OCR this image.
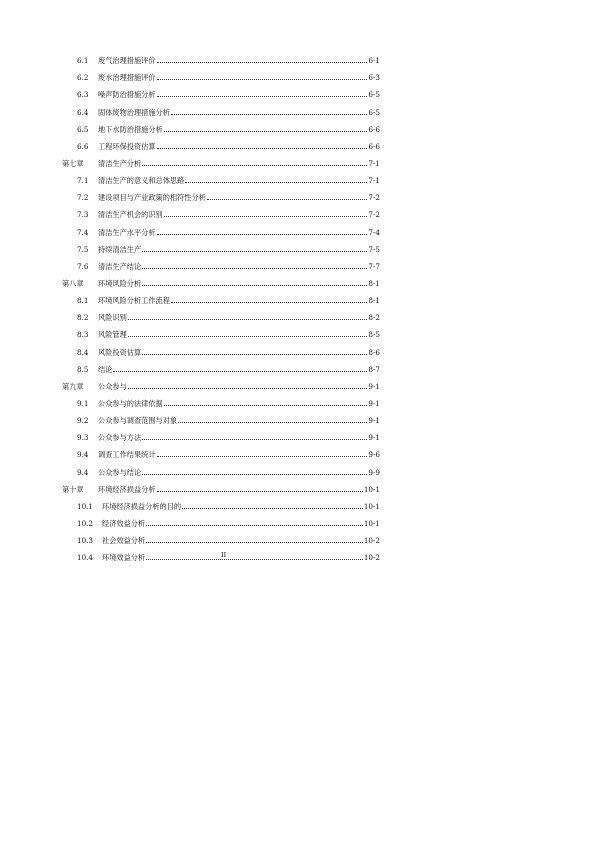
6.1	废气治理措施评价	6-1
6.2	废水治理措施评价	6-3
6.3	噪声防治措施分析	6-5
6.4	固体废物治理措施分析	6-5
6.5	地下水防治措施分析	6-6
6.6	工程环保投资估算	6-6
第七章	清洁生产分析	7-1
7.1	清洁生产的意义和总体思路	7-1
7.2	建设项目与产业政策的相符性分析	7-2
7.3	清洁生产机会的识别	7-2
7.4	清洁生产水平分析	7-4
7.5	持续清洁生产	7-5
7.6	清洁生产结论	7-7
第八章	环境风险分析	8-1
8.1	环境风险分析工作流程	8-1
8.2	风险识别	8-2
8.3	风险管理	8-5
8.4	风险投资估算	8-6
8.5	结论	8-7
第九章	公众参与	9-1
9.1	公众参与的法律依据	9-1
9.2	公众参与调查范围与对象	9-1
9.3	公众参与方法	9-1
9.4	调查工作结果统计	9-6
9.4	公众参与结论	9-9
第十章	环境经济损益分析	10-1
10.1	环境经济损益分析的目的	10-1
10.2	经济效益分析	10-1
10.3	社会效益分析	10-2
10.4	环境效益分析	10-2
II
